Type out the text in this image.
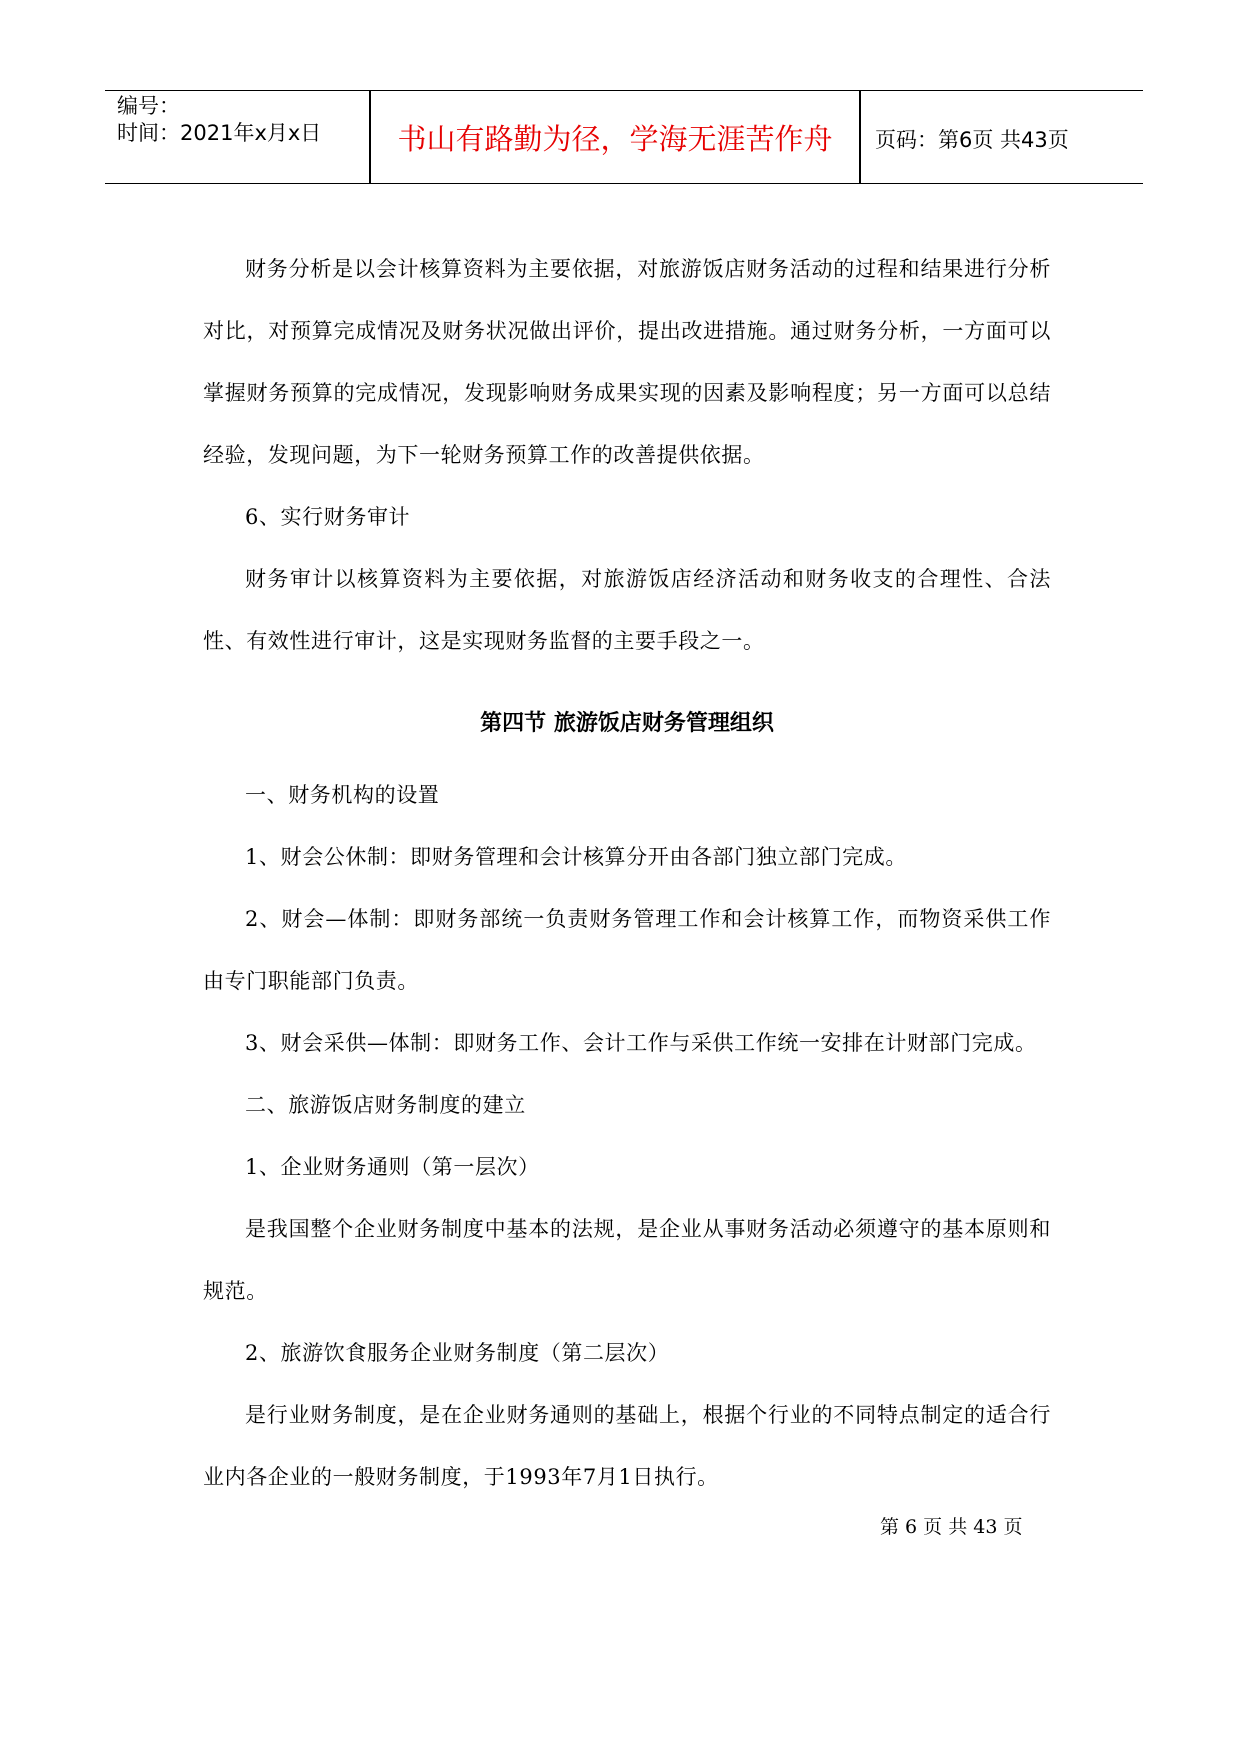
编号：
时间：2021年x月x日	书山有路勤为径，学海无涯苦作舟	页码：第6页 共43页
财务分析是以会计核算资料为主要依据，对旅游饭店财务活动的过程和结果进行分析对比，对预算完成情况及财务状况做出评价，提出改进措施。通过财务分析，一方面可以掌握财务预算的完成情况，发现影响财务成果实现的因素及影响程度；另一方面可以总结经验，发现问题，为下一轮财务预算工作的改善提供依据。
6、实行财务审计
财务审计以核算资料为主要依据，对旅游饭店经济活动和财务收支的合理性、合法性、有效性进行审计，这是实现财务监督的主要手段之一。
第四节 旅游饭店财务管理组织
一、财务机构的设置
1、财会公休制：即财务管理和会计核算分开由各部门独立部门完成。
2、财会—体制：即财务部统一负责财务管理工作和会计核算工作，而物资采供工作由专门职能部门负责。
3、财会采供—体制：即财务工作、会计工作与采供工作统一安排在计财部门完成。
二、旅游饭店财务制度的建立
1、企业财务通则（第一层次）
是我国整个企业财务制度中基本的法规，是企业从事财务活动必须遵守的基本原则和规范。
2、旅游饮食服务企业财务制度（第二层次）
是行业财务制度，是在企业财务通则的基础上，根据个行业的不同特点制定的适合行业内各企业的一般财务制度，于1993年7月1日执行。
第 6 页 共 43 页
